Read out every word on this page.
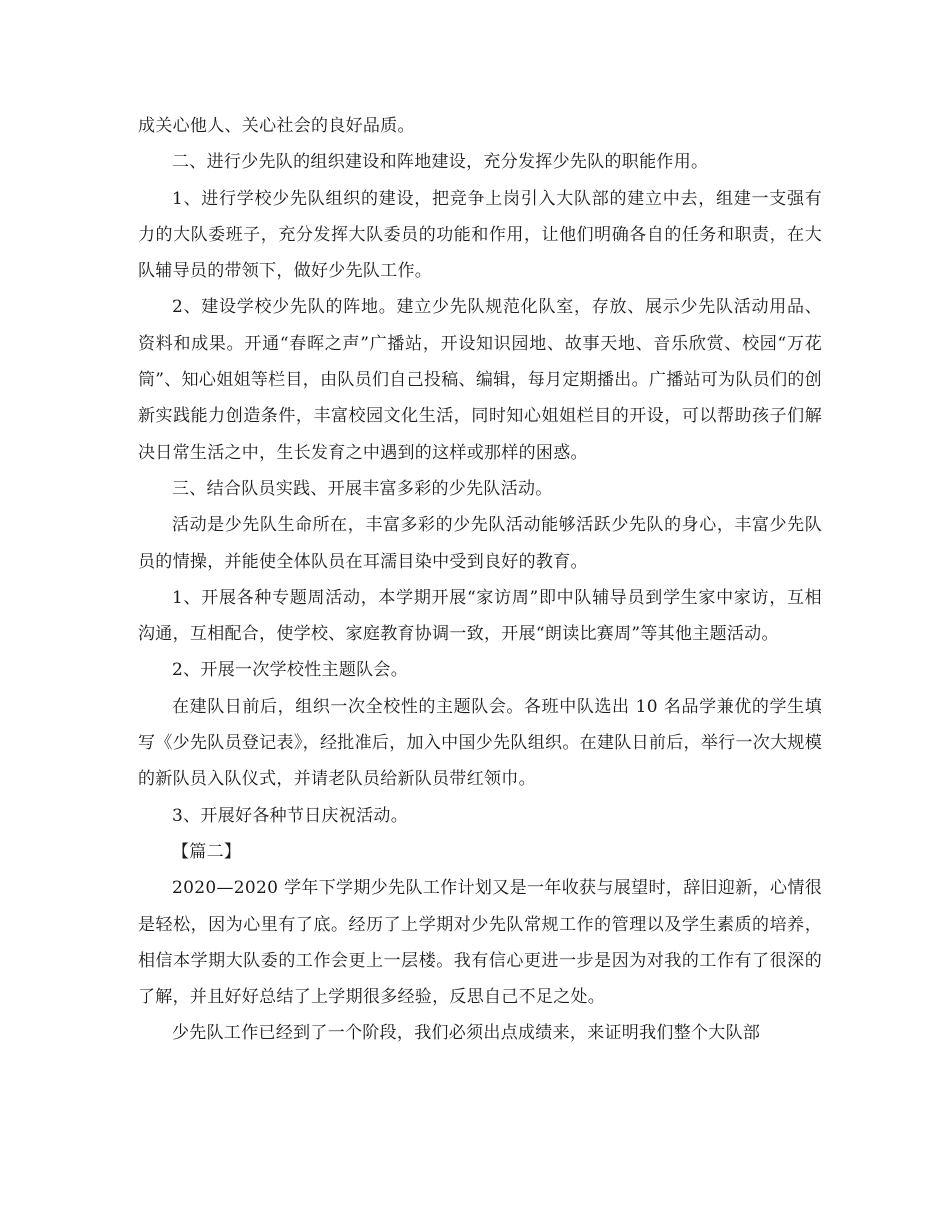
成关心他人、关心社会的良好品质。

二、进行少先队的组织建设和阵地建设，充分发挥少先队的职能作用。

1、进行学校少先队组织的建设，把竞争上岗引入大队部的建立中去，组建一支强有力的大队委班子，充分发挥大队委员的功能和作用，让他们明确各自的任务和职责，在大队辅导员的带领下，做好少先队工作。

2、建设学校少先队的阵地。建立少先队规范化队室，存放、展示少先队活动用品、资料和成果。开通“春晖之声”广播站，开设知识园地、故事天地、音乐欣赏、校园“万花筒”、知心姐姐等栏目，由队员们自己投稿、编辑，每月定期播出。广播站可为队员们的创新实践能力创造条件，丰富校园文化生活，同时知心姐姐栏目的开设，可以帮助孩子们解决日常生活之中，生长发育之中遇到的这样或那样的困惑。

三、结合队员实践、开展丰富多彩的少先队活动。

活动是少先队生命所在，丰富多彩的少先队活动能够活跃少先队的身心，丰富少先队员的情操，并能使全体队员在耳濡目染中受到良好的教育。

1、开展各种专题周活动，本学期开展“家访周”即中队辅导员到学生家中家访，互相沟通，互相配合，使学校、家庭教育协调一致，开展“朗读比赛周”等其他主题活动。

2、开展一次学校性主题队会。

在建队日前后，组织一次全校性的主题队会。各班中队选出 10 名品学兼优的学生填写《少先队员登记表》，经批准后，加入中国少先队组织。在建队日前后，举行一次大规模的新队员入队仪式，并请老队员给新队员带红领巾。

3、开展好各种节日庆祝活动。

【篇二】

2020—2020 学年下学期少先队工作计划又是一年收获与展望时，辞旧迎新，心情很是轻松，因为心里有了底。经历了上学期对少先队常规工作的管理以及学生素质的培养，相信本学期大队委的工作会更上一层楼。我有信心更进一步是因为对我的工作有了很深的了解，并且好好总结了上学期很多经验，反思自己不足之处。

少先队工作已经到了一个阶段，我们必须出点成绩来，来证明我们整个大队部
